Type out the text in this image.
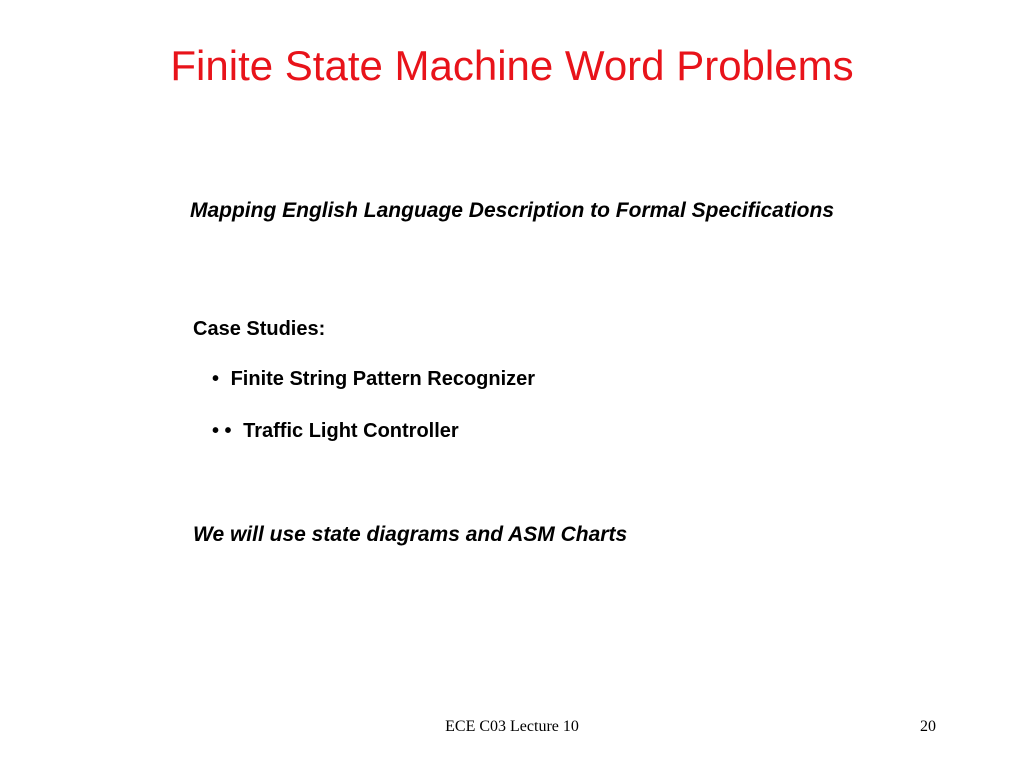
Finite State Machine Word Problems

Mapping English Language Description to Formal Specifications

Case Studies:

• Finite String Pattern Recognizer
• • Traffic Light Controller

We will use state diagrams and ASM Charts

ECE C03 Lecture 10	20
